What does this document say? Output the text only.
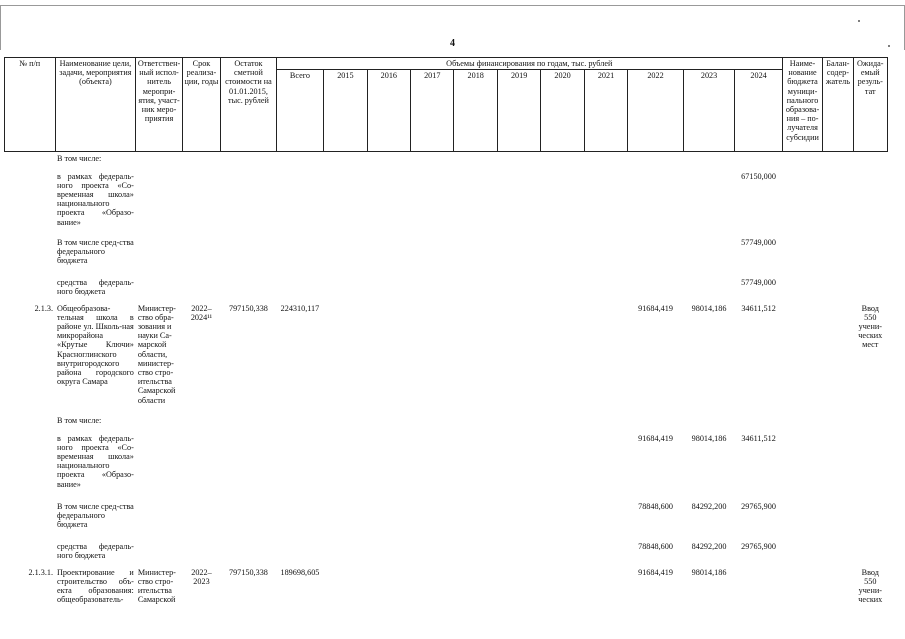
4
№ п/п	Наименование цели, задачи, мероприятия (объекта)	Ответствен-ный испол-нитель меропри-ятия, участ-ник меро-приятия	Срок реализа-ции, годы	Остаток сметной стоимости на 01.01.2015, тыс. рублей	Объемы финансирования по годам, тыс. рублей											Наиме-нование бюджета муници-пального образова-ния – по-лучателя субсидии	Балан-содер-жатель	Ожида-емый резуль-тат
					Всего	2015	2016	2017	2018	2019	2020	2021	2022	2023	2024			
	В том числе:																	
	в рамках федераль-ного проекта «Со-временная школа» национального проекта «Образо-вание»														67150,000			
	В том числе сред-ства федерального бюджета														57749,000			
	средства федераль-ного бюджета														57749,000			
2.1.3.	Общеобразова-тельная школа в районе ул. Школь-ная микрорайона «Крутые Ключи» Красноглинского внутригородского района городского округа Самара	Министер-ство обра-зования и науки Са-марской области, министер-ство стро-ительства Самарской области	2022–2024¹¹	797150,338	224310,117								91684,419	98014,186	34611,512			Ввод 550 учени-ческих мест
	В том числе:																	
	в рамках федераль-ного проекта «Со-временная школа» национального проекта «Образо-вание»												91684,419	98014,186	34611,512			
	В том числе сред-ства федерального бюджета												78848,600	84292,200	29765,900			
	средства федераль-ного бюджета												78848,600	84292,200	29765,900			
2.1.3.1.	Проектирование и строительство объ-екта образования: общеобразователь-	Министер-ство стро-ительства Самарской	2022–2023	797150,338	189698,605								91684,419	98014,186				Ввод 550 учени-ческих
